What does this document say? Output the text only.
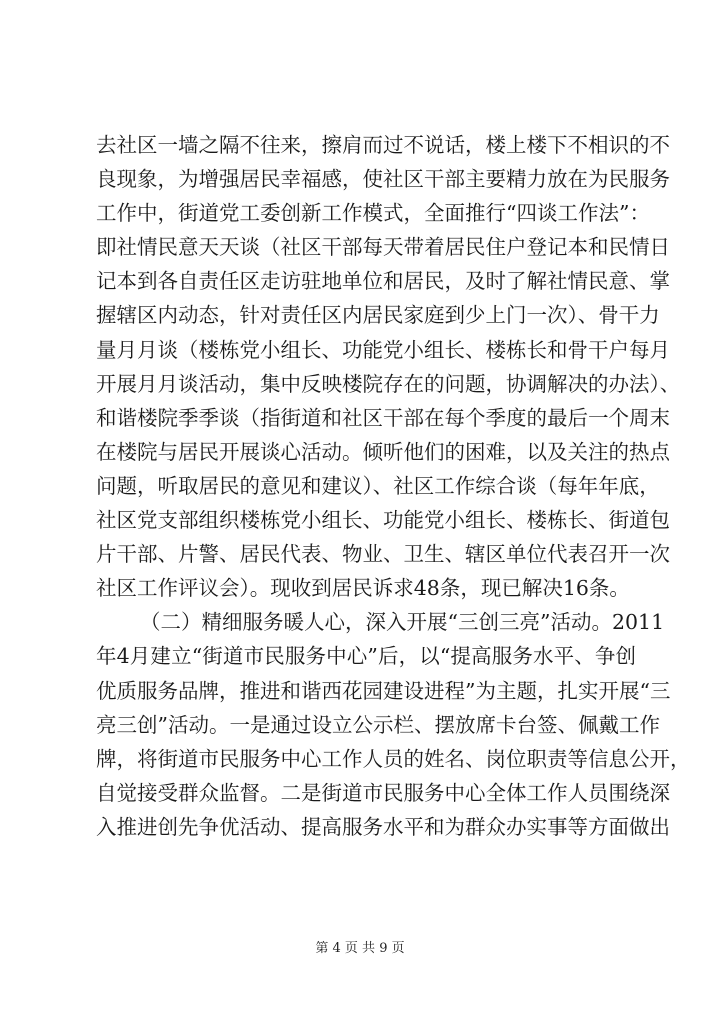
去社区一墙之隔不往来，擦肩而过不说话，楼上楼下不相识的不
良现象，为增强居民幸福感，使社区干部主要精力放在为民服务
工作中，街道党工委创新工作模式，全面推行“四谈工作法”：
即社情民意天天谈（社区干部每天带着居民住户登记本和民情日
记本到各自责任区走访驻地单位和居民，及时了解社情民意、掌
握辖区内动态，针对责任区内居民家庭到少上门一次）、骨干力
量月月谈（楼栋党小组长、功能党小组长、楼栋长和骨干户每月
开展月月谈活动，集中反映楼院存在的问题，协调解决的办法）、
和谐楼院季季谈（指街道和社区干部在每个季度的最后一个周末
在楼院与居民开展谈心活动。倾听他们的困难，以及关注的热点
问题，听取居民的意见和建议）、社区工作综合谈（每年年底，
社区党支部组织楼栋党小组长、功能党小组长、楼栋长、街道包
片干部、片警、居民代表、物业、卫生、辖区单位代表召开一次
社区工作评议会）。现收到居民诉求48条，现已解决16条。
（二）精细服务暖人心，深入开展“三创三亮”活动。2011
年4月建立“街道市民服务中心”后，以“提高服务水平、争创
优质服务品牌，推进和谐西花园建设进程”为主题，扎实开展“三
亮三创”活动。一是通过设立公示栏、摆放席卡台签、佩戴工作
牌，将街道市民服务中心工作人员的姓名、岗位职责等信息公开，
自觉接受群众监督。二是街道市民服务中心全体工作人员围绕深
入推进创先争优活动、提高服务水平和为群众办实事等方面做出
第 4 页 共 9 页
